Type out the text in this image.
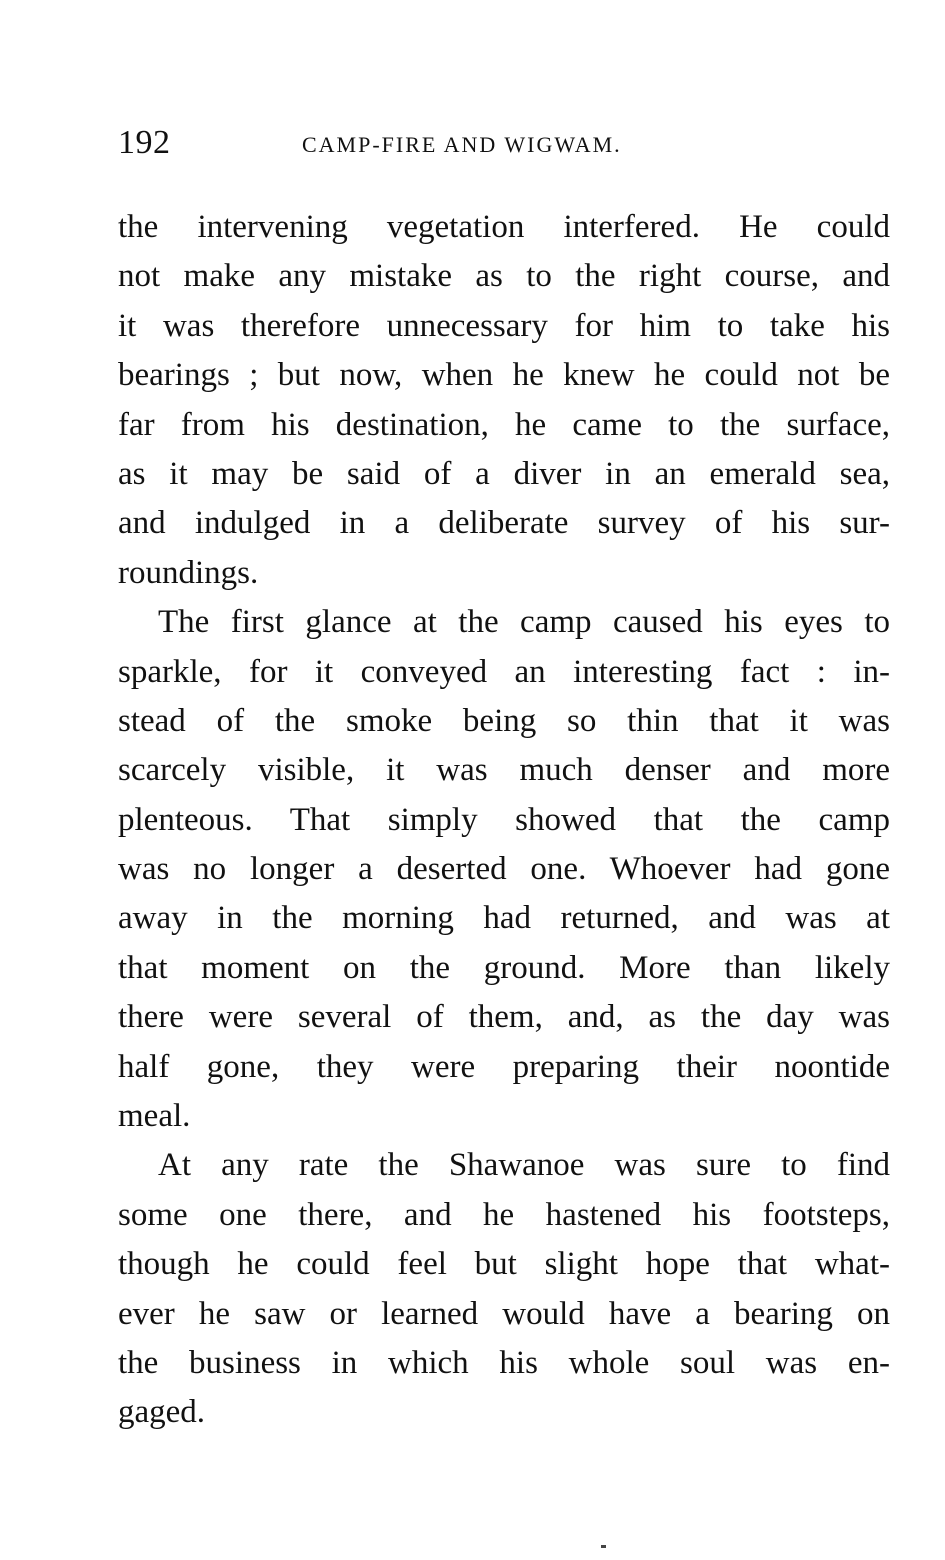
192	CAMP-FIRE AND WIGWAM.
the intervening vegetation interfered. He could
not make any mistake as to the right course, and
it was therefore unnecessary for him to take his
bearings ; but now, when he knew he could not be
far from his destination, he came to the surface,
as it may be said of a diver in an emerald sea,
and indulged in a deliberate survey of his sur-
roundings.
The first glance at the camp caused his eyes to
sparkle, for it conveyed an interesting fact : in-
stead of the smoke being so thin that it was
scarcely visible, it was much denser and more
plenteous. That simply showed that the camp
was no longer a deserted one. Whoever had gone
away in the morning had returned, and was at
that moment on the ground. More than likely
there were several of them, and, as the day was
half gone, they were preparing their noontide
meal.
At any rate the Shawanoe was sure to find
some one there, and he hastened his footsteps,
though he could feel but slight hope that what-
ever he saw or learned would have a bearing on
the business in which his whole soul was en-
gaged.
